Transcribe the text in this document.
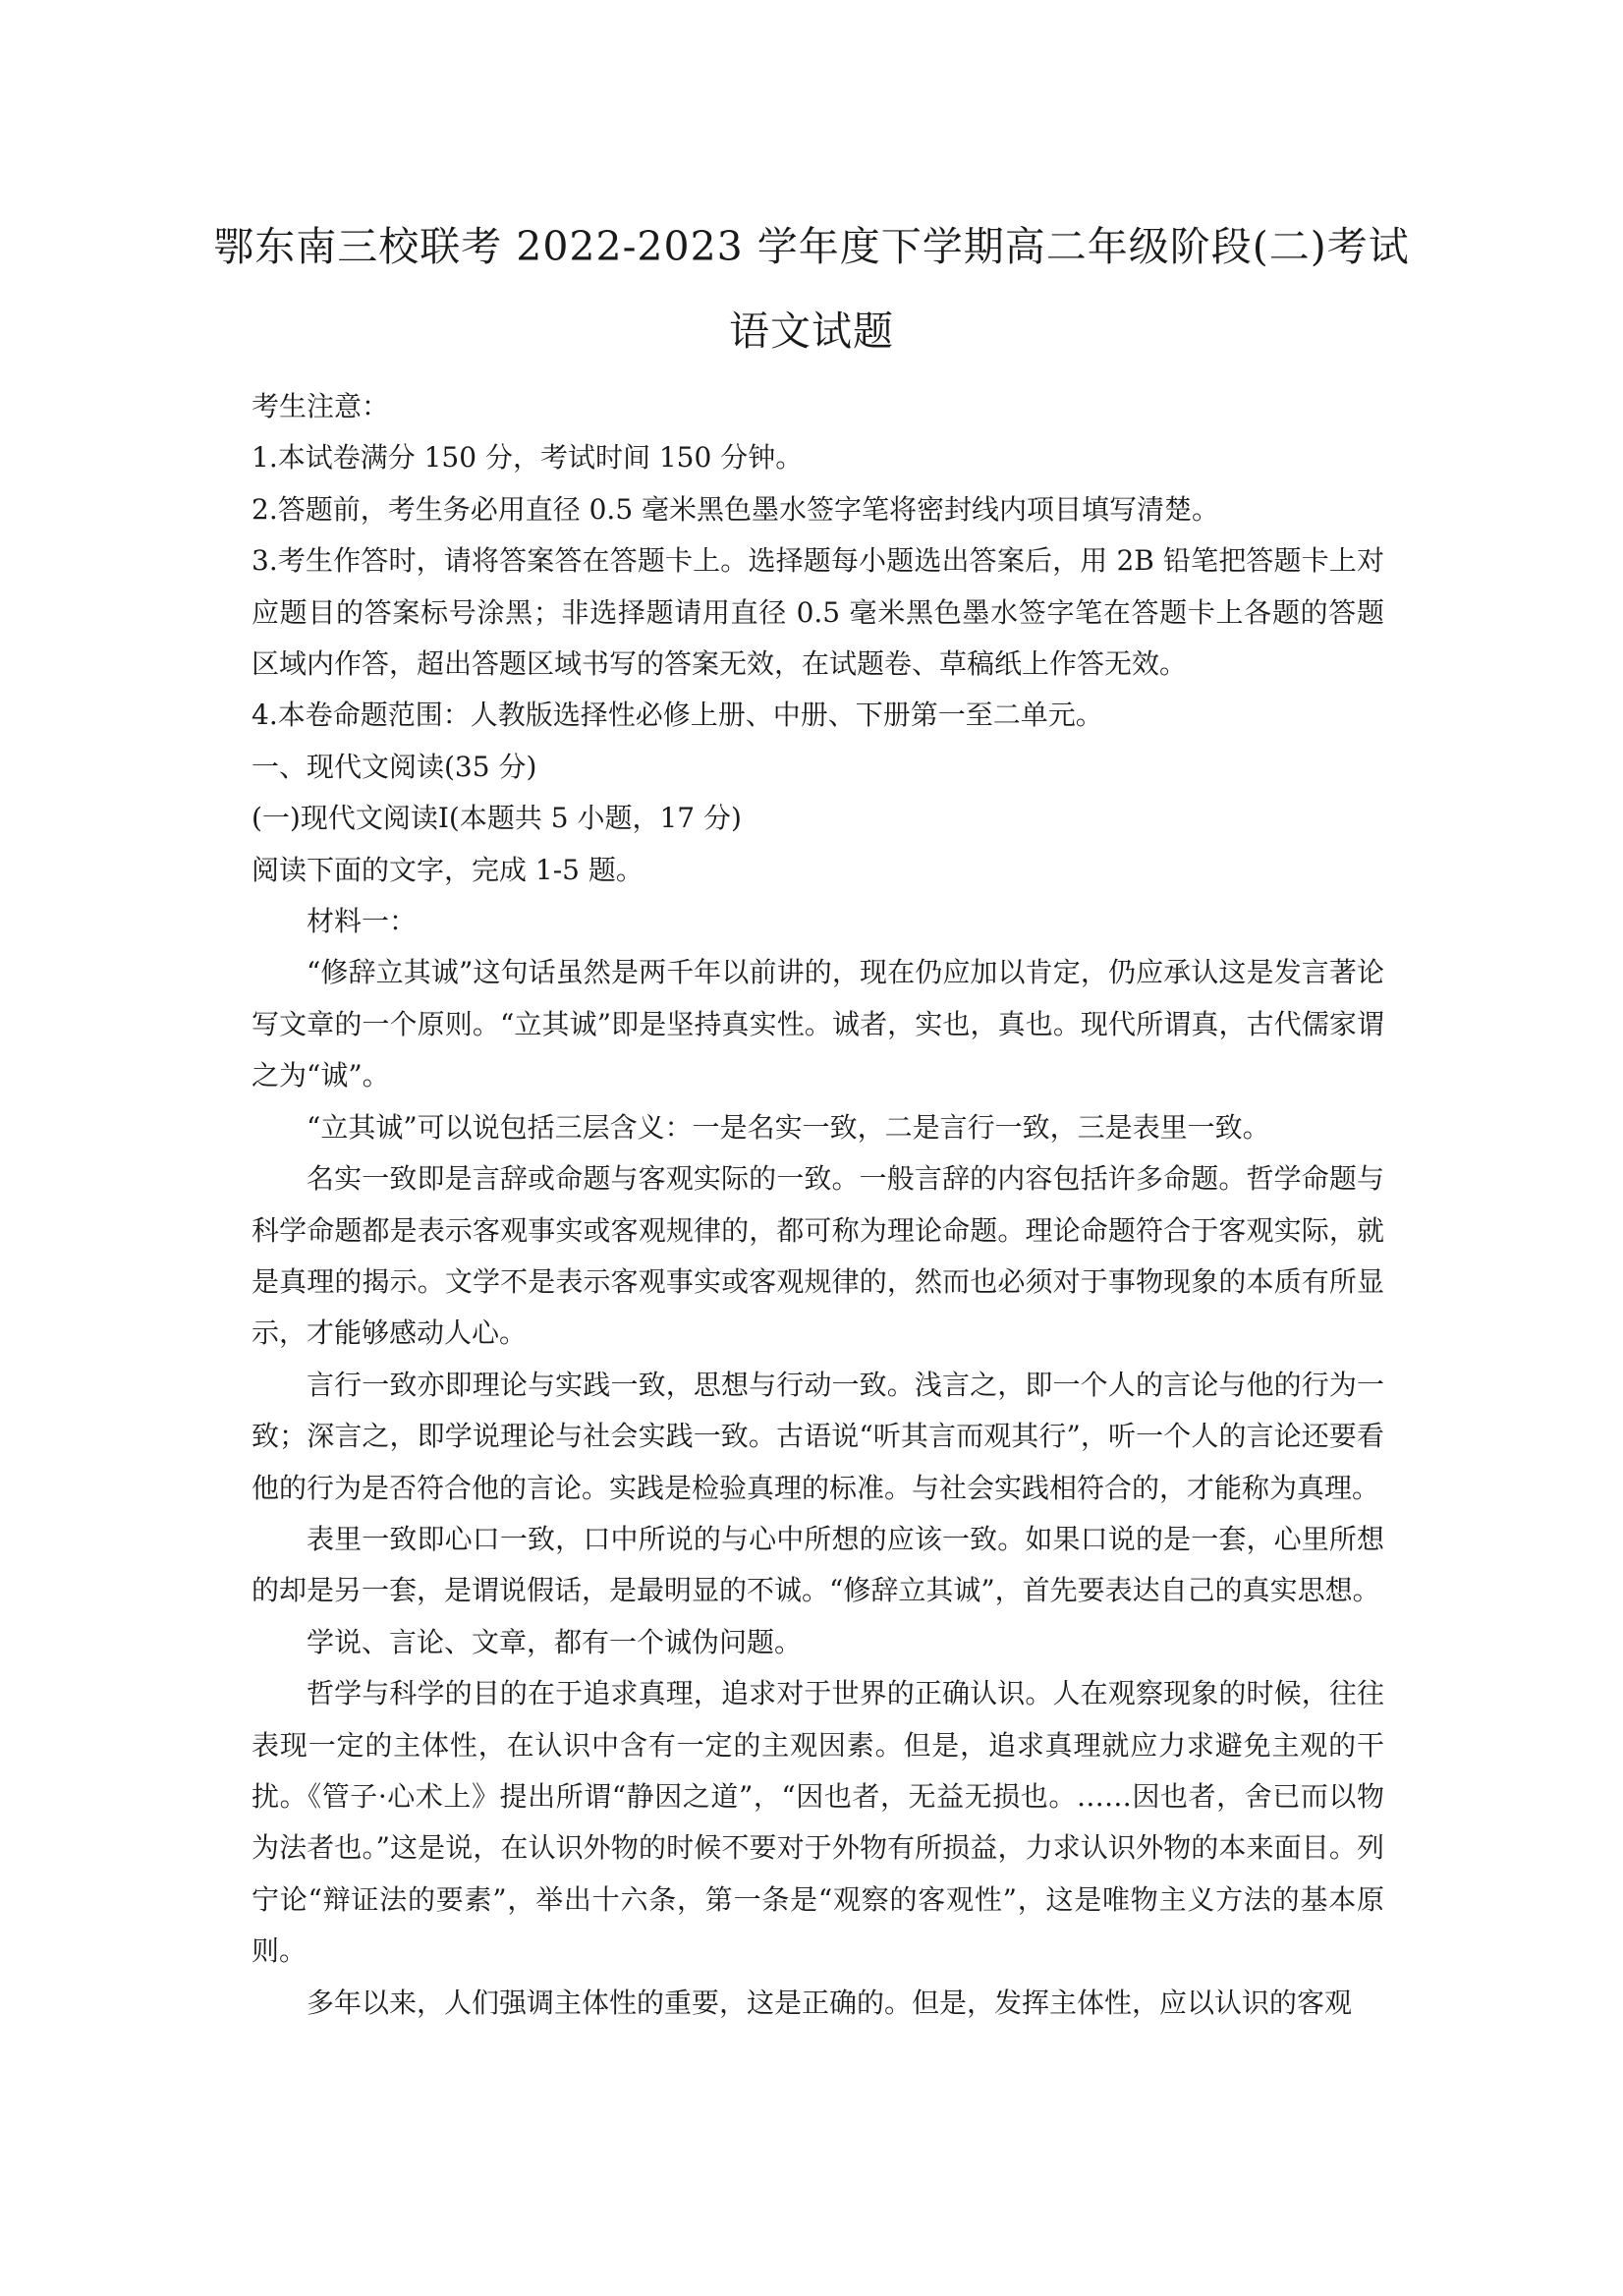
鄂东南三校联考 2022-2023 学年度下学期高二年级阶段(二)考试
语文试题

考生注意：

1.本试卷满分 150 分，考试时间 150 分钟。

2.答题前，考生务必用直径 0.5 毫米黑色墨水签字笔将密封线内项目填写清楚。

3.考生作答时，请将答案答在答题卡上。选择题每小题选出答案后，用 2B 铅笔把答题卡上对应题目的答案标号涂黑；非选择题请用直径 0.5 毫米黑色墨水签字笔在答题卡上各题的答题区域内作答，超出答题区域书写的答案无效，在试题卷、草稿纸上作答无效。

4.本卷命题范围：人教版选择性必修上册、中册、下册第一至二单元。

一、现代文阅读(35 分)

(一)现代文阅读Ⅰ(本题共 5 小题，17 分)

阅读下面的文字，完成 1-5 题。

材料一：

“修辞立其诚”这句话虽然是两千年以前讲的，现在仍应加以肯定，仍应承认这是发言著论写文章的一个原则。“立其诚”即是坚持真实性。诚者，实也，真也。现代所谓真，古代儒家谓之为“诚”。

“立其诚”可以说包括三层含义：一是名实一致，二是言行一致，三是表里一致。

名实一致即是言辞或命题与客观实际的一致。一般言辞的内容包括许多命题。哲学命题与科学命题都是表示客观事实或客观规律的，都可称为理论命题。理论命题符合于客观实际，就是真理的揭示。文学不是表示客观事实或客观规律的，然而也必须对于事物现象的本质有所显示，才能够感动人心。

言行一致亦即理论与实践一致，思想与行动一致。浅言之，即一个人的言论与他的行为一致；深言之，即学说理论与社会实践一致。古语说“听其言而观其行”，听一个人的言论还要看他的行为是否符合他的言论。实践是检验真理的标准。与社会实践相符合的，才能称为真理。

表里一致即心口一致，口中所说的与心中所想的应该一致。如果口说的是一套，心里所想的却是另一套，是谓说假话，是最明显的不诚。“修辞立其诚”，首先要表达自己的真实思想。

学说、言论、文章，都有一个诚伪问题。

哲学与科学的目的在于追求真理，追求对于世界的正确认识。人在观察现象的时候，往往表现一定的主体性，在认识中含有一定的主观因素。但是，追求真理就应力求避免主观的干扰。《管子·心术上》提出所谓“静因之道”，“因也者，无益无损也。……因也者，舍已而以物为法者也。”这是说，在认识外物的时候不要对于外物有所损益，力求认识外物的本来面目。列宁论“辩证法的要素”，举出十六条，第一条是“观察的客观性”，这是唯物主义方法的基本原则。

多年以来，人们强调主体性的重要，这是正确的。但是，发挥主体性，应以认识的客观
